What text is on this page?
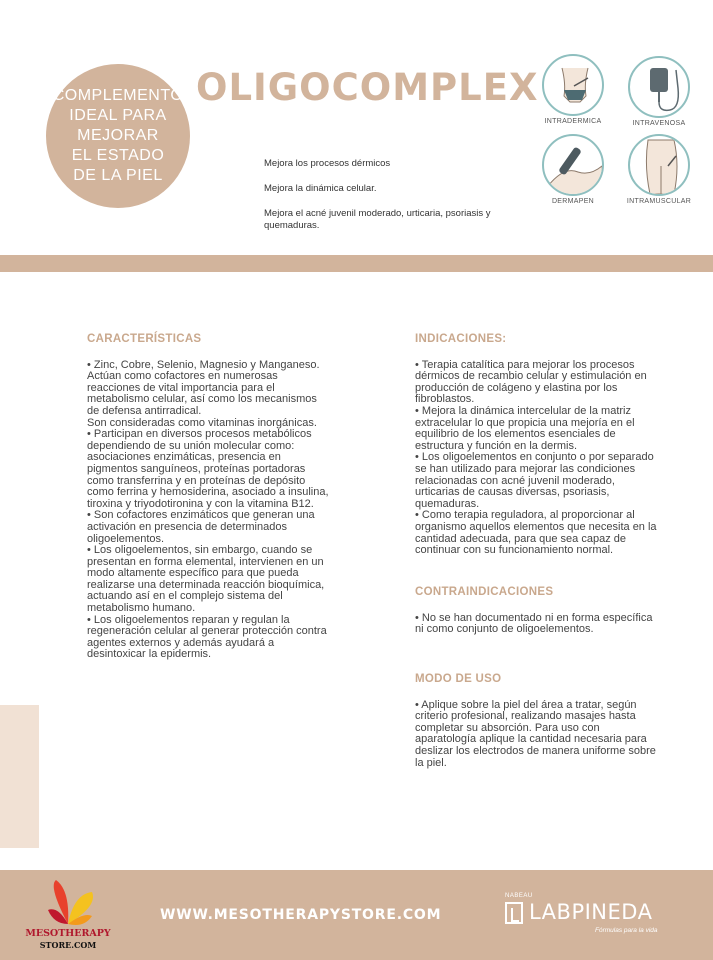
COMPLEMENTO
IDEAL PARA
MEJORAR
EL ESTADO
DE LA PIEL
OLIGOCOMPLEX

Mejora los procesos dérmicos

Mejora la dinámica celular.

Mejora el acné juvenil moderado, urticaria, psoriasis y quemaduras.

INTRADERMICA	INTRAVENOSA
DERMAPEN	INTRAMUSCULAR
CARACTERÍSTICAS

• Zinc, Cobre, Selenio, Magnesio y Manganeso. Actúan como cofactores en numerosas reacciones de vital importancia para el metabolismo celular, así como los mecanismos de defensa antirradical.

Son consideradas como vitaminas inorgánicas.

• Participan en diversos procesos metabólicos dependiendo de su unión molecular como: asociaciones enzimáticas, presencia en pigmentos sanguíneos, proteínas portadoras como transferrina y en proteínas de depósito como ferrina y hemosiderina, asociado a insulina, tiroxina y triyodotironina y con la vitamina B12.

• Son cofactores enzimáticos que generan una activación en presencia de determinados oligoelementos.

• Los oligoelementos, sin embargo, cuando se presentan en forma elemental, intervienen en un modo altamente específico para que pueda realizarse una determinada reacción bioquímica, actuando así en el complejo sistema del metabolismo humano.

• Los oligoelementos reparan y regulan la regeneración celular al generar protección contra agentes externos y además ayudará a desintoxicar la epidermis.

INDICACIONES:

• Terapia catalítica para mejorar los procesos dérmicos de recambio celular y estimulación en producción de colágeno y elastina por los fibroblastos.

• Mejora la dinámica intercelular de la matriz extracelular lo que propicia una mejoría en el equilibrio de los elementos esenciales de estructura y función en la dermis.

• Los oligoelementos en conjunto o por separado se han utilizado para mejorar las condiciones relacionadas con acné juvenil moderado, urticarias de causas diversas, psoriasis, quemaduras.

• Como terapia reguladora, al proporcionar al organismo aquellos elementos que necesita en la cantidad adecuada, para que sea capaz de continuar con su funcionamiento normal.

CONTRAINDICACIONES

• No se han documentado ni en forma específica ni como conjunto de oligoelementos.

MODO DE USO

• Aplique sobre la piel del área a tratar, según criterio profesional, realizando masajes hasta completar su absorción. Para uso con aparatología aplique la cantidad necesaria para deslizar los electrodos de manera uniforme sobre la piel.

MESOTHERAPY
STORE.COM
WWW.MESOTHERAPYSTORE.COM
NABEAU
LABPINEDA
Fórmulas para la vida
